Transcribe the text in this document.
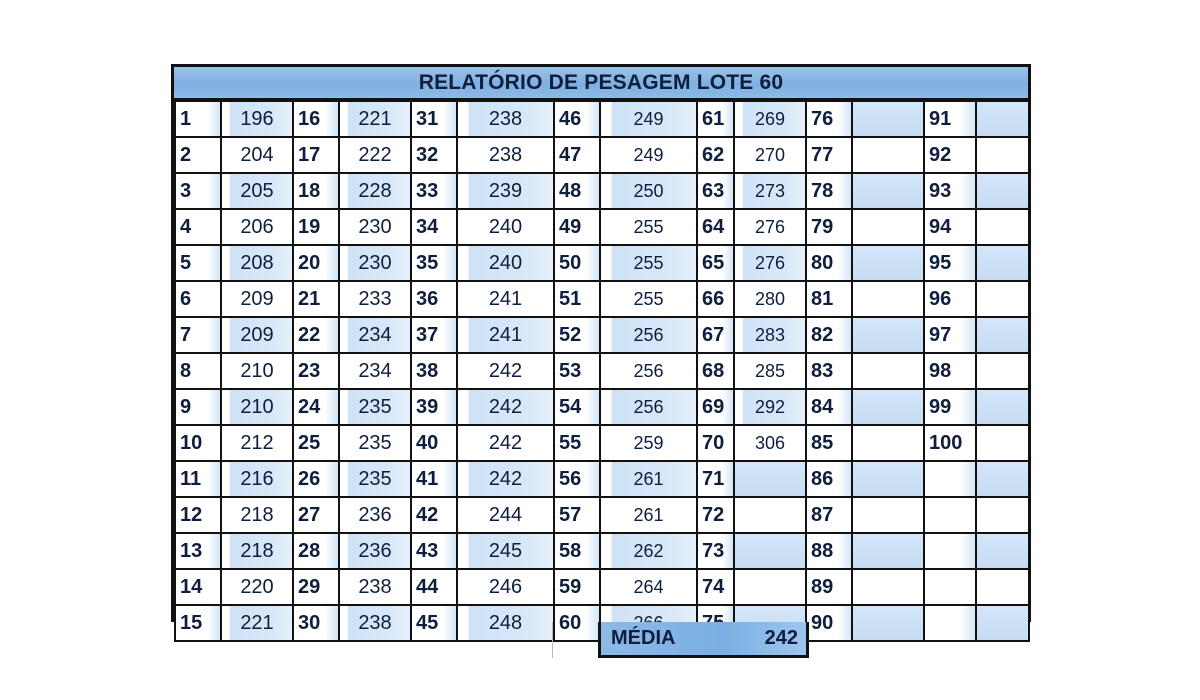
RELATÓRIO DE PESAGEM LOTE 60
1	196	16	221	31	238	46	249	61	269	76		91	
2	204	17	222	32	238	47	249	62	270	77		92	
3	205	18	228	33	239	48	250	63	273	78		93	
4	206	19	230	34	240	49	255	64	276	79		94	
5	208	20	230	35	240	50	255	65	276	80		95	
6	209	21	233	36	241	51	255	66	280	81		96	
7	209	22	234	37	241	52	256	67	283	82		97	
8	210	23	234	38	242	53	256	68	285	83		98	
9	210	24	235	39	242	54	256	69	292	84		99	
10	212	25	235	40	242	55	259	70	306	85		100	
11	216	26	235	41	242	56	261	71		86			
12	218	27	236	42	244	57	261	72		87			
13	218	28	236	43	245	58	262	73		88			
14	220	29	238	44	246	59	264	74		89			
15	221	30	238	45	248	60				90			
MÉDIA	242
